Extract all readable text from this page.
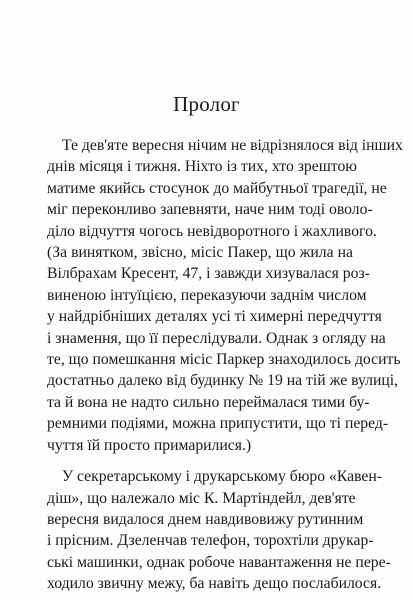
Пролог
Те дев'яте вересня нічим не відрізнялося від інших
днів місяця і тижня. Ніхто із тих, хто зрештою
матиме якийсь стосунок до майбутньої трагедії, не
міг переконливо запевняти, наче ним тоді оволо-
діло відчуття чогось невідворотного і жахливого.
(За винятком, звісно, місіс Пакер, що жила на
Вілбрахам Кресент, 47, і завжди хизувалася роз-
виненою інтуїцією, переказуючи заднім числом
у найдрібніших деталях усі ті химерні передчуття
і знамення, що її переслідували. Однак з огляду на
те, що помешкання місіс Паркер знаходилось досить
достатньо далеко від будинку № 19 на тій же вулиці,
та й вона не надто сильно переймалася тими бу-
ремними подіями, можна припустити, що ті перед-
чуття їй просто примарилися.)
У секретарському і друкарському бюро «Кавен-
діш», що належало міс К. Мартіндейл, дев'яте
вересня видалося днем навдивовижу рутинним
і прісним. Дзеленчав телефон, торохтіли друкар-
ські машинки, однак робоче навантаження не пере-
ходило звичну межу, ба навіть дещо послабилося.
